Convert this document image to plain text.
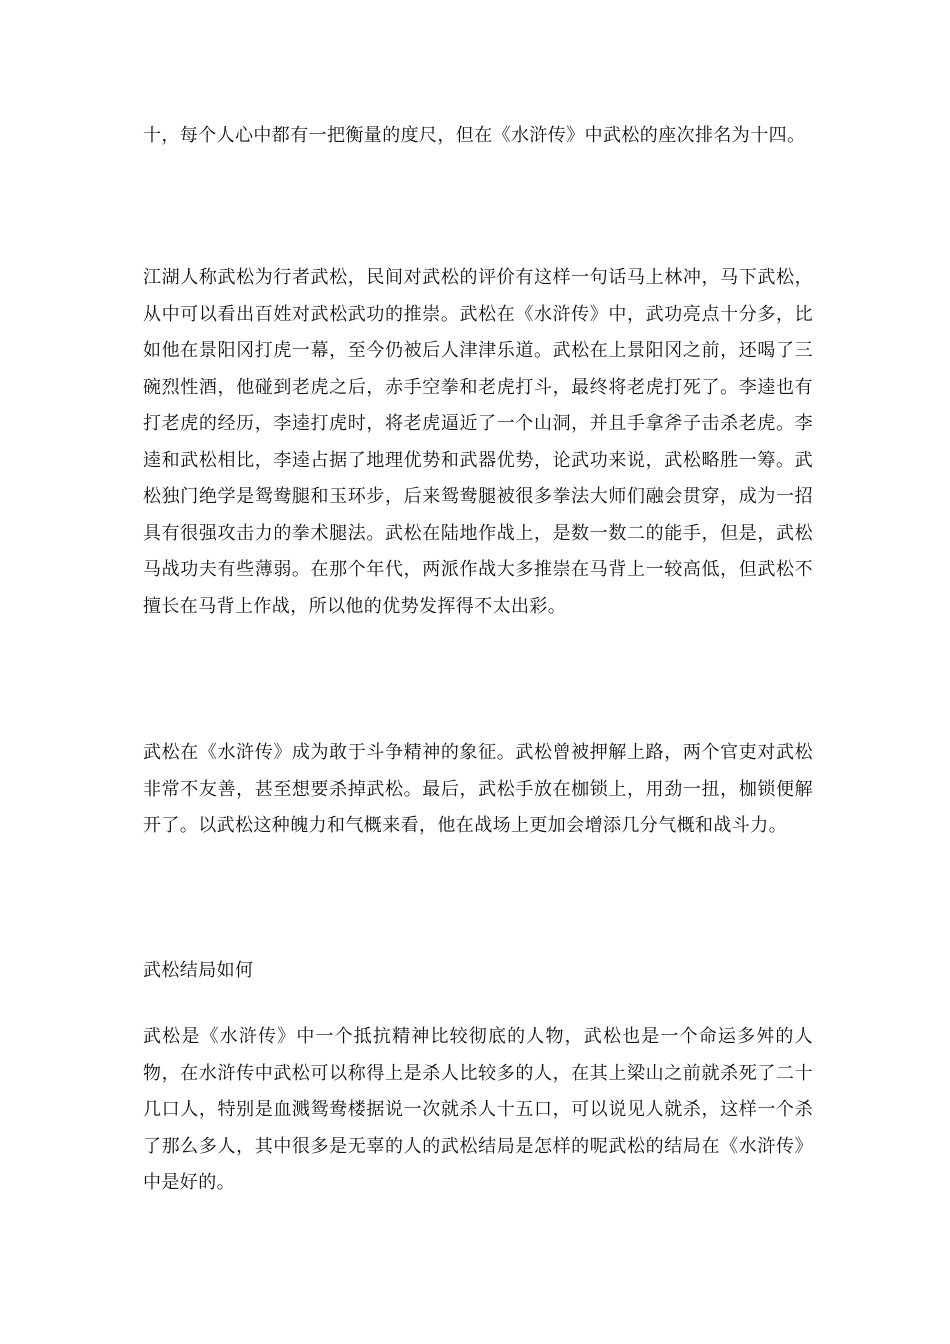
十，每个人心中都有一把衡量的度尺，但在《水浒传》中武松的座次排名为十四。

江湖人称武松为行者武松，民间对武松的评价有这样一句话马上林冲，马下武松，从中可以看出百姓对武松武功的推崇。武松在《水浒传》中，武功亮点十分多，比如他在景阳冈打虎一幕，至今仍被后人津津乐道。武松在上景阳冈之前，还喝了三碗烈性酒，他碰到老虎之后，赤手空拳和老虎打斗，最终将老虎打死了。李逵也有打老虎的经历，李逵打虎时，将老虎逼近了一个山洞，并且手拿斧子击杀老虎。李逵和武松相比，李逵占据了地理优势和武器优势，论武功来说，武松略胜一筹。武松独门绝学是鸳鸯腿和玉环步，后来鸳鸯腿被很多拳法大师们融会贯穿，成为一招具有很强攻击力的拳术腿法。武松在陆地作战上，是数一数二的能手，但是，武松马战功夫有些薄弱。在那个年代，两派作战大多推崇在马背上一较高低，但武松不擅长在马背上作战，所以他的优势发挥得不太出彩。

武松在《水浒传》成为敢于斗争精神的象征。武松曾被押解上路，两个官吏对武松非常不友善，甚至想要杀掉武松。最后，武松手放在枷锁上，用劲一扭，枷锁便解开了。以武松这种魄力和气概来看，他在战场上更加会增添几分气概和战斗力。

武松结局如何

武松是《水浒传》中一个抵抗精神比较彻底的人物，武松也是一个命运多舛的人物，在水浒传中武松可以称得上是杀人比较多的人，在其上梁山之前就杀死了二十几口人，特别是血溅鸳鸯楼据说一次就杀人十五口，可以说见人就杀，这样一个杀了那么多人，其中很多是无辜的人的武松结局是怎样的呢武松的结局在《水浒传》中是好的。
